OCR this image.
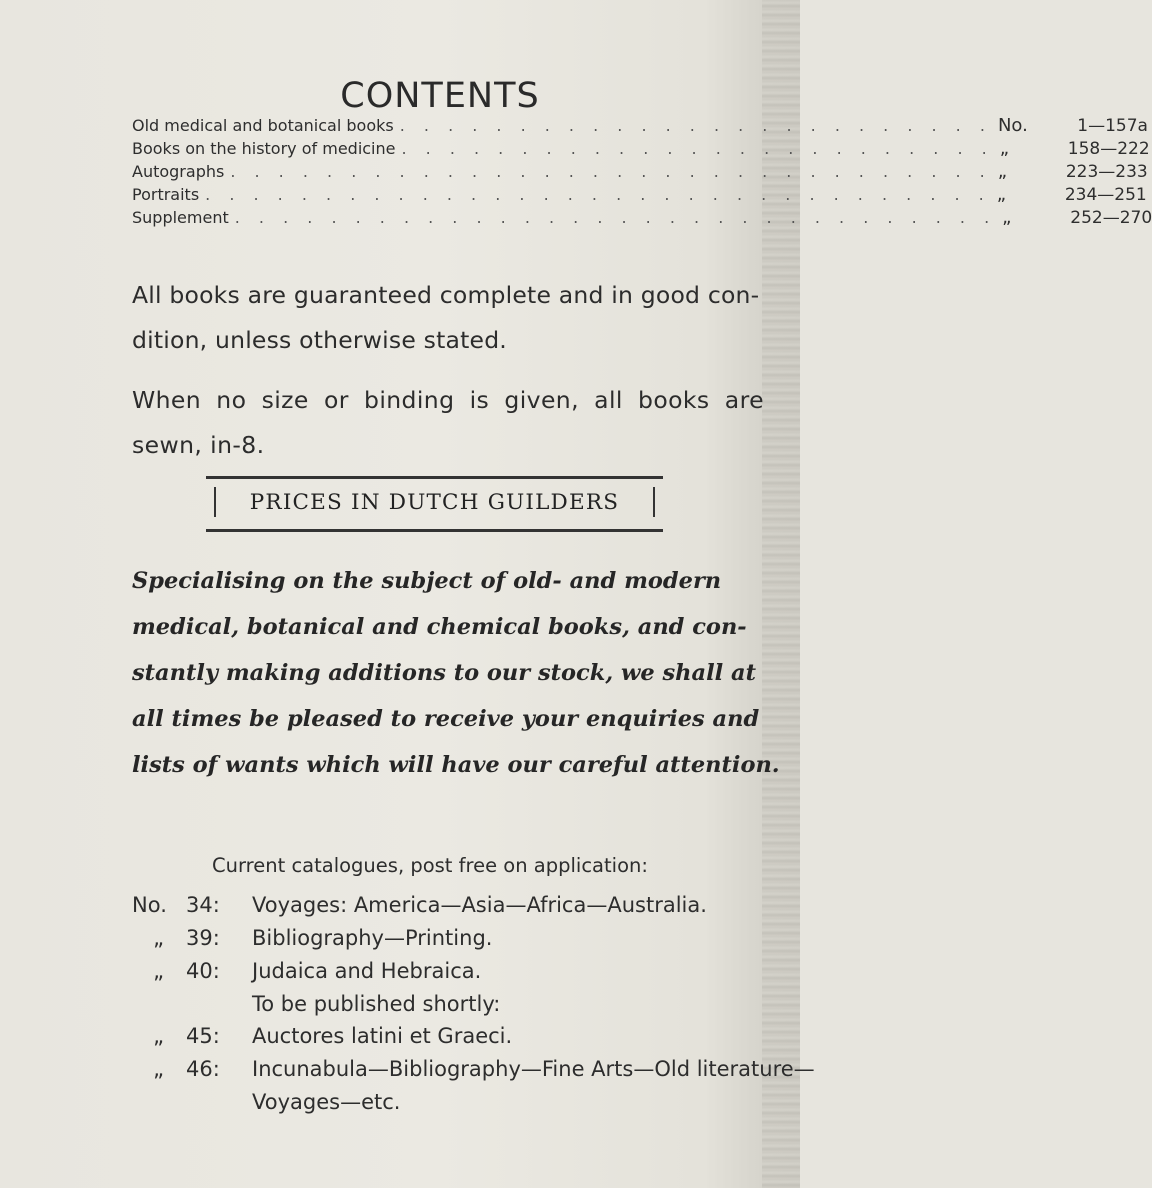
CONTENTS
Old medical and botanical books . . . . . . . . . . . . . . . . . . . . . . . . . No.	1—157a
Books on the history of medicine . . . . . . . . . . . . . . . . . . . . . . . . . „	158—222
Autographs . . . . . . . . . . . . . . . . . . . . . . . . . . . . . . . . „	223—233
Portraits . . . . . . . . . . . . . . . . . . . . . . . . . . . . . . . . . „	234—251
Supplement . . . . . . . . . . . . . . . . . . . . . . . . . . . . . . . . „	252—270
All books are guaranteed complete and in good con-
dition, unless otherwise stated.
When no size or binding is given, all books are
sewn, in-8.
PRICES IN DUTCH GUILDERS
Specialising on the subject of old- and modern
medical, botanical and chemical books, and con-
stantly making additions to our stock, we shall at
all times be pleased to receive your enquiries and
lists of wants which will have our careful attention.
Current catalogues, post free on application:
No. 34:	Voyages: America—Asia—Africa—Australia.
„ 39:	Bibliography—Printing.
„ 40:	Judaica and Hebraica.
To be published shortly:
„ 45:	Auctores latini et Graeci.
„ 46:	Incunabula—Bibliography—Fine Arts—Old literature—
Voyages—etc.
